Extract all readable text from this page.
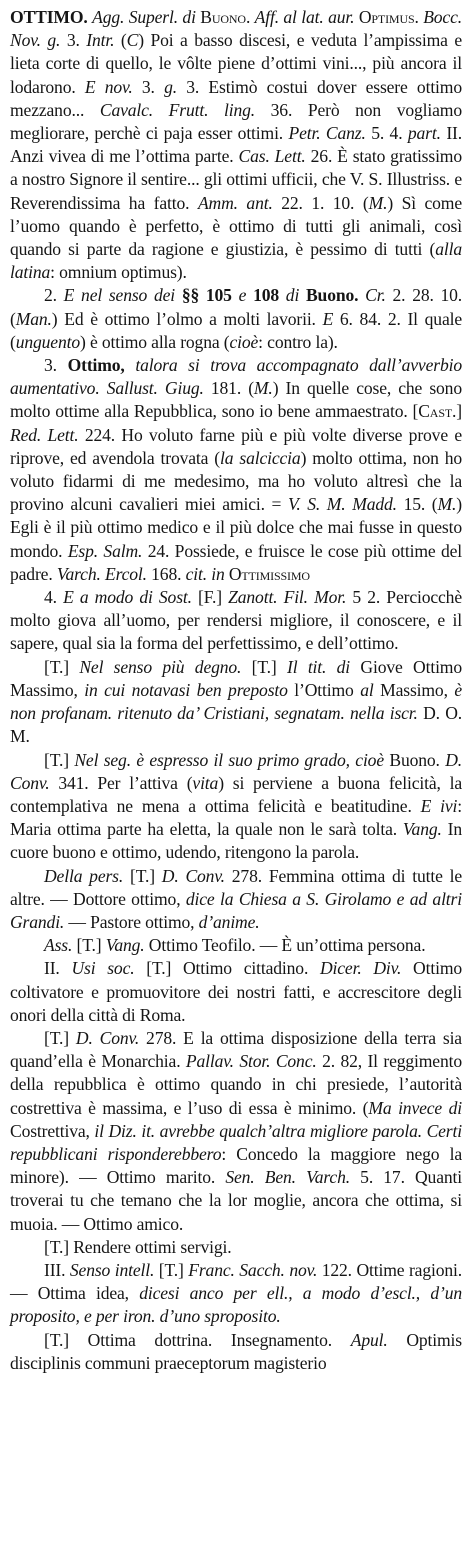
OTTIMO. Agg. Superl. di Buono. Aff. al lat. aur. Optimus. Bocc. Nov. g. 3. Intr. (C) Poi a basso discesi, e veduta l’ampissima e lieta corte di quello, le vôlte piene d’ottimi vini..., più ancora il lodarono. E nov. 3. g. 3. Estimò costui dover essere ottimo mezzano... Cavalc. Frutt. ling. 36. Però non vogliamo megliorare, perchè ci paja esser ottimi. Petr. Canz. 5. 4. part. II. Anzi viveа di me l’ottima parte. Cas. Lett. 26. È stato gratissimo a nostro Signore il sentire... gli ottimi ufficii, che V. S. Illustriss. e Reverendissima ha fatto. Amm. ant. 22. 1. 10. (M.) Sì come l’uomo quando è perfetto, è ottimo di tutti gli animali, così quando si parte da ragione e giustizia, è pessimo di tutti (alla latina: omnium optimus).

2. E nel senso dei §§ 105 e 108 di Buono. Cr. 2. 28. 10. (Man.) Ed è ottimo l’olmo a molti lavorii. E 6. 84. 2. Il quale (unguento) è ottimo alla rogna (cioè: contro la).

3. Ottimo, talora si trova accompagnato dall’avverbio aumentativo. Sallust. Giug. 181. (M.) In quelle cose, che sono molto ottime alla Repubblica, sono io bene ammaestrato. [Cast.] Red. Lett. 224. Ho voluto farne più e più volte diverse prove e riprove, ed avendola trovata (la salciccia) molto ottima, non ho voluto fidarmi di me medesimo, ma ho voluto altresì che la provino alcuni cavalieri miei amici. = V. S. M. Madd. 15. (M.) Egli è il più ottimo medico e il più dolce che mai fusse in questo mondo. Esp. Salm. 24. Possiede, e fruisce le cose più ottime del padre. Varch. Ercol. 168. cit. in Ottimissimo

4. E a modo di Sost. [F.] Zanott. Fil. Mor. 5 2. Perciocchè molto giova all’uomo, per rendersi migliore, il conoscere, e il sapere, qual sia la forma del perfettissimo, e dell’ottimo.

[T.] Nel senso più degno. [T.] Il tit. di Giove Ottimo Massimo, in cui notavasi ben preposto l’Ottimo al Massimo, è non profanam. ritenuto da’ Cristiani, segnatam. nella iscr. D. O. M.

[T.] Nel seg. è espresso il suo primo grado, cioè Buono. D. Conv. 341. Per l’attiva (vita) si perviene a buona felicità, la contemplativa ne mena a ottima felicità e beatitudine. E ivi: Maria ottima parte ha eletta, la quale non le sarà tolta. Vang. In cuore buono e ottimo, udendo, ritengono la parola.

Della pers. [T.] D. Conv. 278. Femmina ottima di tutte le altre. — Dottore ottimo, dice la Chiesa a S. Girolamo e ad altri Grandi. — Pastore ottimo, d’anime.

Ass. [T.] Vang. Ottimo Teofilo. — È un’ottima persona.

II. Usi soc. [T.] Ottimo cittadino. Dicer. Div. Ottimo coltivatore e promuovitore dei nostri fatti, e accrescitore degli onori della città di Roma.

[T.] D. Conv. 278. E la ottima disposizione della terra sia quand’ella è Monarchia. Pallav. Stor. Conc. 2. 82, Il reggimento della repubblica è ottimo quando in chi presiede, l’autorità costrettiva è massima, e l’uso di essa è minimo. (Ma invece di Costrettiva, il Diz. it. avrebbe qualch’altra migliore parola. Certi repubblicani risponderebbero: Concedo la maggiore nego la minore). — Ottimo marito. Sen. Ben. Varch. 5. 17. Quanti troverai tu che temano che la lor moglie, ancora che ottima, si muoia. — Ottimo amico.

[T.] Rendere ottimi servigi.

III. Senso intell. [T.] Franc. Sacch. nov. 122. Ottime ragioni. — Ottima idea, dicesi anco per ell., a modo d’escl., d’un proposito, e per iron. d’uno sproposito.

[T.] Ottima dottrina. Insegnamento. Apul. Optimis disciplinis communi praeceptorum magisterio
